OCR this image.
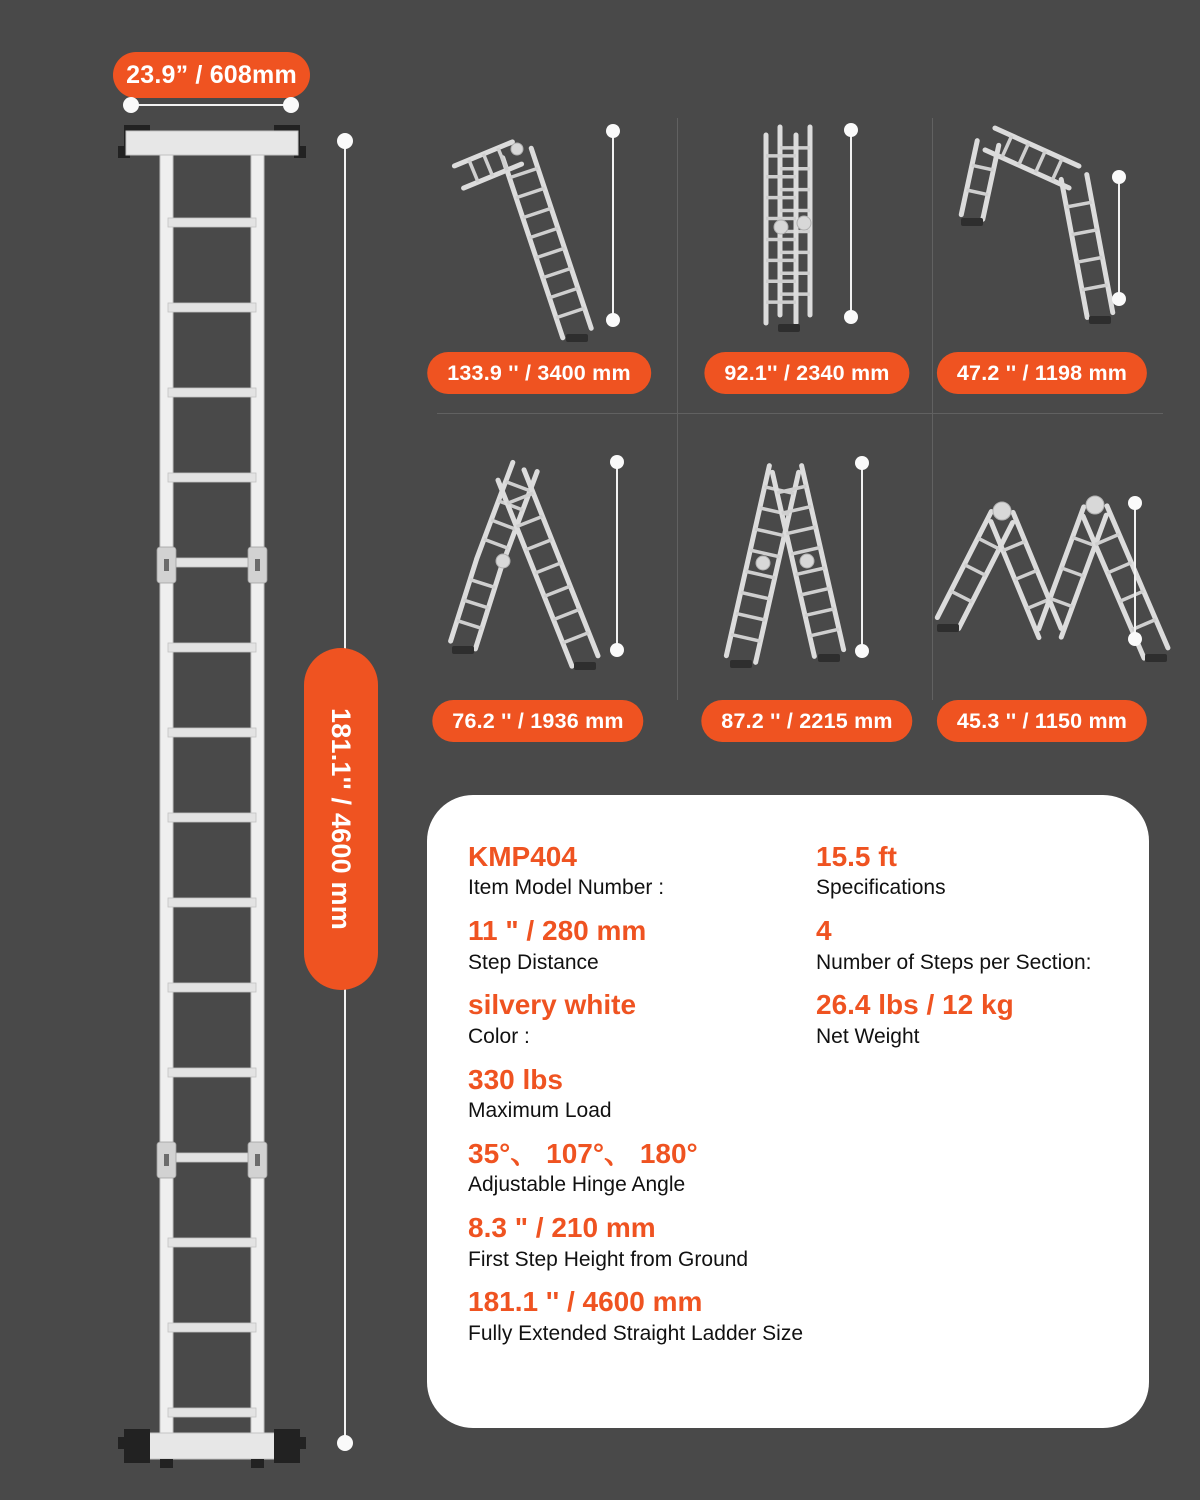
23.9” / 608mm
181.1'' / 4600 mm
133.9 '' / 3400 mm	92.1'' / 2340 mm	47.2 '' / 1198 mm
76.2 '' / 1936 mm	87.2 '' / 2215 mm	45.3 '' / 1150 mm
KMP404
Item Model Number :
11 " / 280 mm
Step Distance
silvery white
Color :
330 lbs
Maximum Load
35°、 107°、 180°
Adjustable Hinge Angle
8.3 " / 210 mm
First Step Height from Ground
181.1 '' / 4600 mm
Fully Extended Straight Ladder Size
15.5 ft
Specifications
4
Number of Steps per Section:
26.4 lbs / 12 kg
Net Weight
